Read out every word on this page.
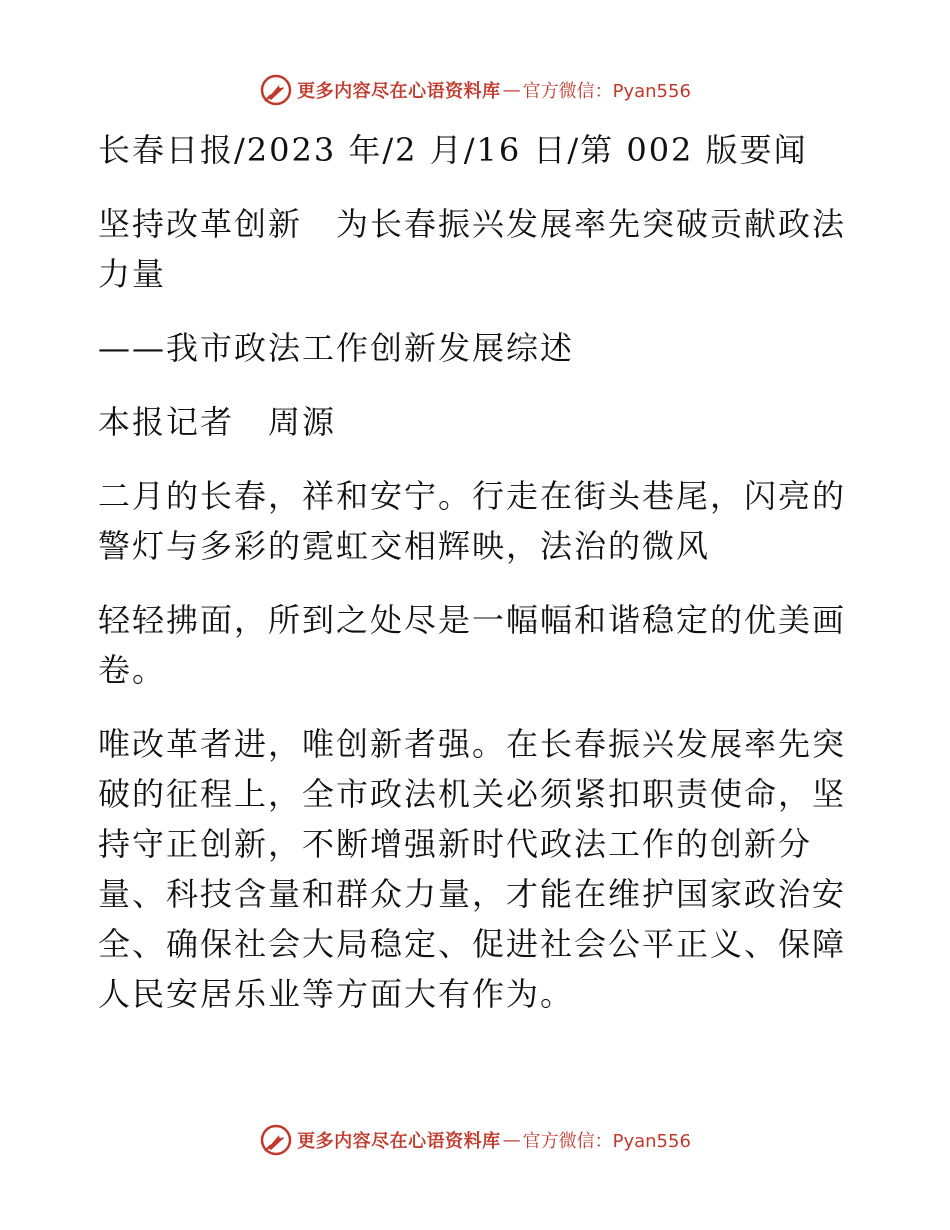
更多内容尽在心语资料库 — 官方微信：Pyan556

长春日报/2023 年/2 月/16 日/第 002 版要闻

坚持改革创新　为长春振兴发展率先突破贡献政法力量

——我市政法工作创新发展综述

本报记者　周源

二月的长春，祥和安宁。行走在街头巷尾，闪亮的警灯与多彩的霓虹交相辉映，法治的微风

轻轻拂面，所到之处尽是一幅幅和谐稳定的优美画卷。

唯改革者进，唯创新者强。在长春振兴发展率先突破的征程上，全市政法机关必须紧扣职责使命，坚持守正创新，不断增强新时代政法工作的创新分量、科技含量和群众力量，才能在维护国家政治安全、确保社会大局稳定、促进社会公平正义、保障人民安居乐业等方面大有作为。

更多内容尽在心语资料库 — 官方微信：Pyan556
